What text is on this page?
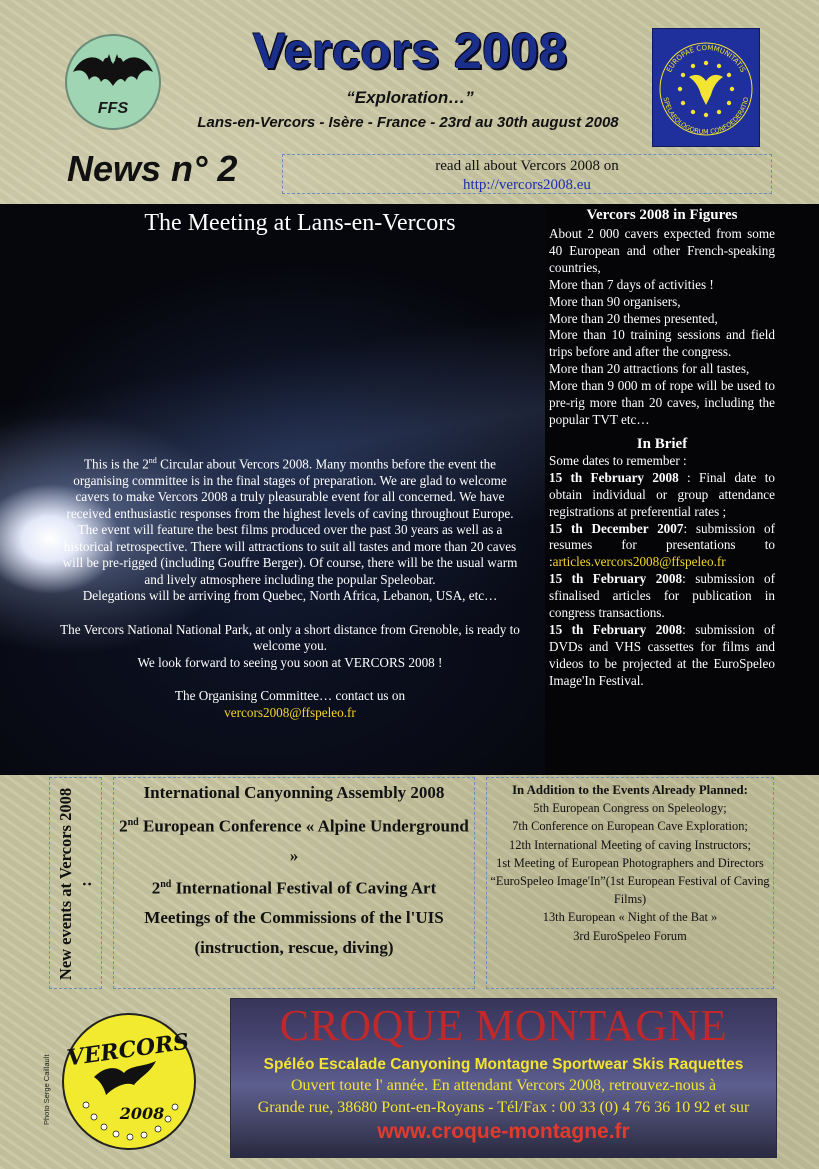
FFS
Vercors 2008
“Exploration…”
Lans-en-Vercors - Isère - France - 23rd au 30th august 2008
EUROPAE COMMUNITATIS
SPELAEOLOGORUM CONFOEDERATIO
News n° 2	read all about Vercors 2008 on
http://vercors2008.eu
The Meeting at Lans-en-Vercors

This is the 2nd Circular about Vercors 2008. Many months before the event the organising committee is in the final stages of preparation. We are glad to welcome cavers to make Vercors 2008 a truly pleasurable event for all concerned. We have received enthusiastic responses from the highest levels of caving throughout Europe. The event will feature the best films produced over the past 30 years as well as a historical retrospective. There will attractions to suit all tastes and more than 20 caves will be pre-rigged (including Gouffre Berger). Of course, there will be the usual warm and lively atmosphere including the popular Speleobar.

Delegations will be arriving from Quebec, North Africa, Lebanon, USA, etc…

The Vercors National National Park, at only a short distance from Grenoble, is ready to welcome you.

We look forward to seeing you soon at VERCORS 2008 !

The Organising Committee… contact us on

vercors2008@ffspeleo.fr

Vercors 2008 in Figures

About 2 000 cavers expected from some 40 European and other French-speaking countries,

More than 7 days of activities !

More than 90 organisers,

More than 20 themes presented,

More than 10 training sessions and field trips before and after the congress.

More than 20 attractions for all tastes,

More than 9 000 m of rope will be used to pre-rig more than 20 caves, including the popular TVT etc…

In Brief

Some dates to remember :

15 th February 2008 : Final date to obtain individual or group attendance registrations at preferential rates ;

15 th December 2007: submission of resumes for presentations to :articles.vercors2008@ffspeleo.fr

15 th February 2008: submission of sfinalised articles for publication in congress transactions.

15 th February 2008: submission of DVDs and VHS cassettes for films and videos to be projected at the EuroSpeleo Image'In Festival.

New events at Vercors 2008 :

International Canyonning Assembly 2008

2nd European Conference « Alpine Underground »

2nd International Festival of Caving Art

Meetings of the Commissions of the l'UIS (instruction, rescue, diving)

In Addition to the Events Already Planned:

5th European Congress on Speleology;

7th Conference on European Cave Exploration;

12th International Meeting of caving Instructors;

1st Meeting of European Photographers and Directors

“EuroSpeleo Image'In”(1st European Festival of Caving Films)

13th European « Night of the Bat »

3rd EuroSpeleo Forum

Photo Serge Caillault
VERCORS
2008
CROQUE MONTAGNE
Spéléo Escalade Canyoning Montagne Sportwear Skis Raquettes
Ouvert toute l' année. En attendant Vercors 2008, retrouvez-nous à
Grande rue, 38680 Pont-en-Royans - Tél/Fax : 00 33 (0) 4 76 36 10 92 et sur
www.croque-montagne.fr
